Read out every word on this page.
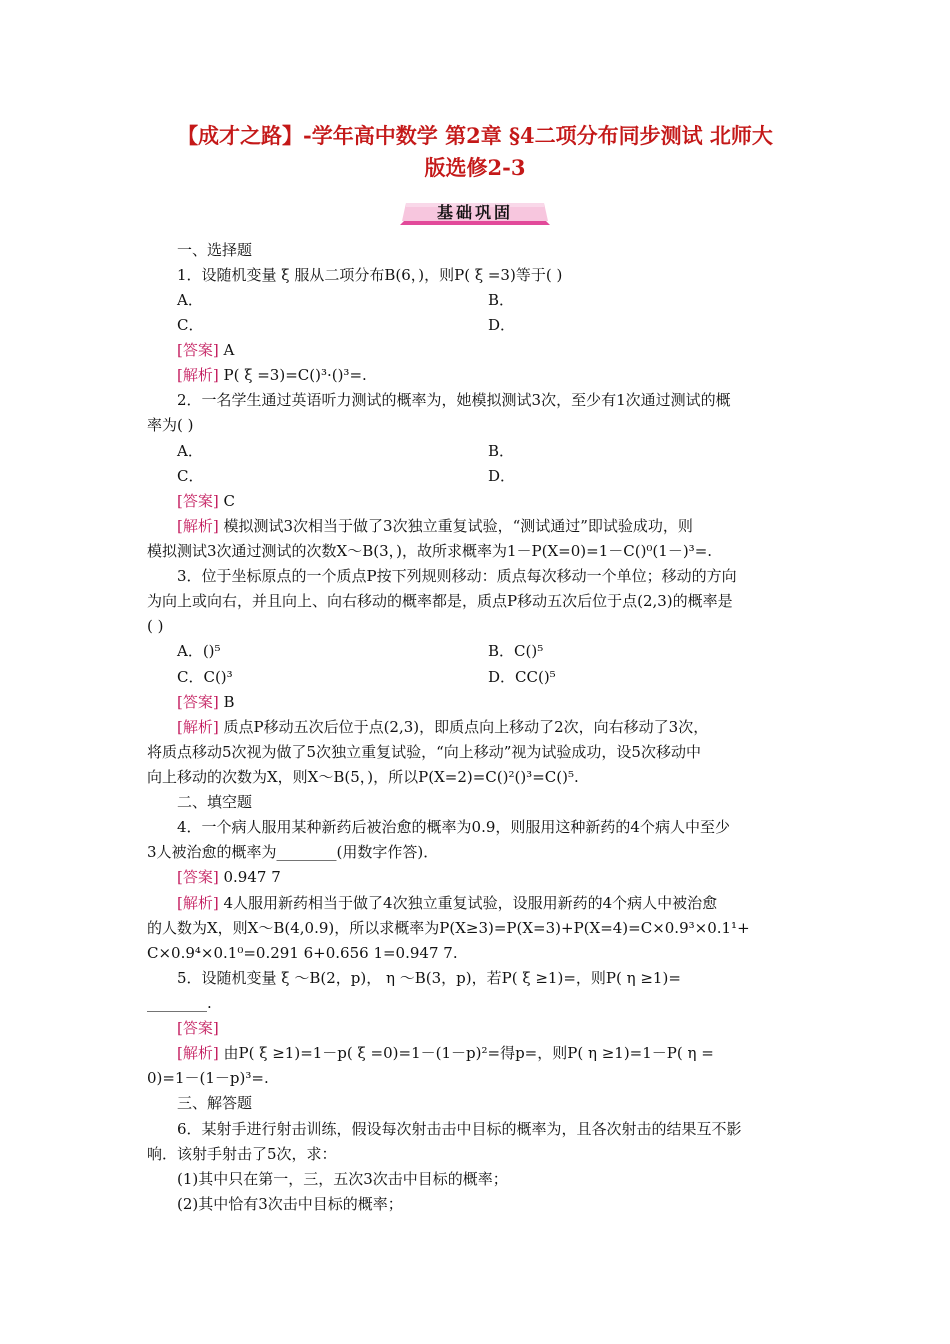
【成才之路】-学年高中数学 第2章 §4二项分布同步测试 北师大
版选修2-3
基础巩固
一、选择题
1．设随机变量 ξ 服从二项分布B(6，)，则P( ξ =3)等于( )
A．	B．
C．	D．
[答案] A
[解析] P( ξ =3)=C()³·()³=.
2．一名学生通过英语听力测试的概率为，她模拟测试3次，至少有1次通过测试的概
率为( )
A．	B．
C．	D．
[答案] C
[解析] 模拟测试3次相当于做了3次独立重复试验，“测试通过”即试验成功，则
模拟测试3次通过测试的次数X～B(3，)，故所求概率为1－P(X=0)=1－C()⁰(1－)³=.
3．位于坐标原点的一个质点P按下列规则移动：质点每次移动一个单位；移动的方向
为向上或向右，并且向上、向右移动的概率都是，质点P移动五次后位于点(2,3)的概率是
( )
A．()⁵	B．C()⁵
C．C()³	D．CC()⁵
[答案] B
[解析] 质点P移动五次后位于点(2,3)，即质点向上移动了2次，向右移动了3次，
将质点移动5次视为做了5次独立重复试验，“向上移动”视为试验成功，设5次移动中
向上移动的次数为X，则X～B(5，)，所以P(X=2)=C()²()³=C()⁵.
二、填空题
4．一个病人服用某种新药后被治愈的概率为0.9，则服用这种新药的4个病人中至少
3人被治愈的概率为________(用数字作答)．
[答案] 0.947 7
[解析] 4人服用新药相当于做了4次独立重复试验，设服用新药的4个病人中被治愈
的人数为X，则X～B(4,0.9)，所以求概率为P(X≥3)=P(X=3)+P(X=4)=C×0.9³×0.1¹+
C×0.9⁴×0.1⁰=0.291 6+0.656 1=0.947 7.
5．设随机变量 ξ ～B(2，p)， η ～B(3，p)，若P( ξ ≥1)=，则P( η ≥1)=
________.
[答案]
[解析] 由P( ξ ≥1)=1－p( ξ =0)=1－(1－p)²=得p=，则P( η ≥1)=1－P( η =
0)=1－(1－p)³=.
三、解答题
6．某射手进行射击训练，假设每次射击击中目标的概率为，且各次射击的结果互不影
响．该射手射击了5次，求：
(1)其中只在第一，三，五次3次击中目标的概率；
(2)其中恰有3次击中目标的概率；
